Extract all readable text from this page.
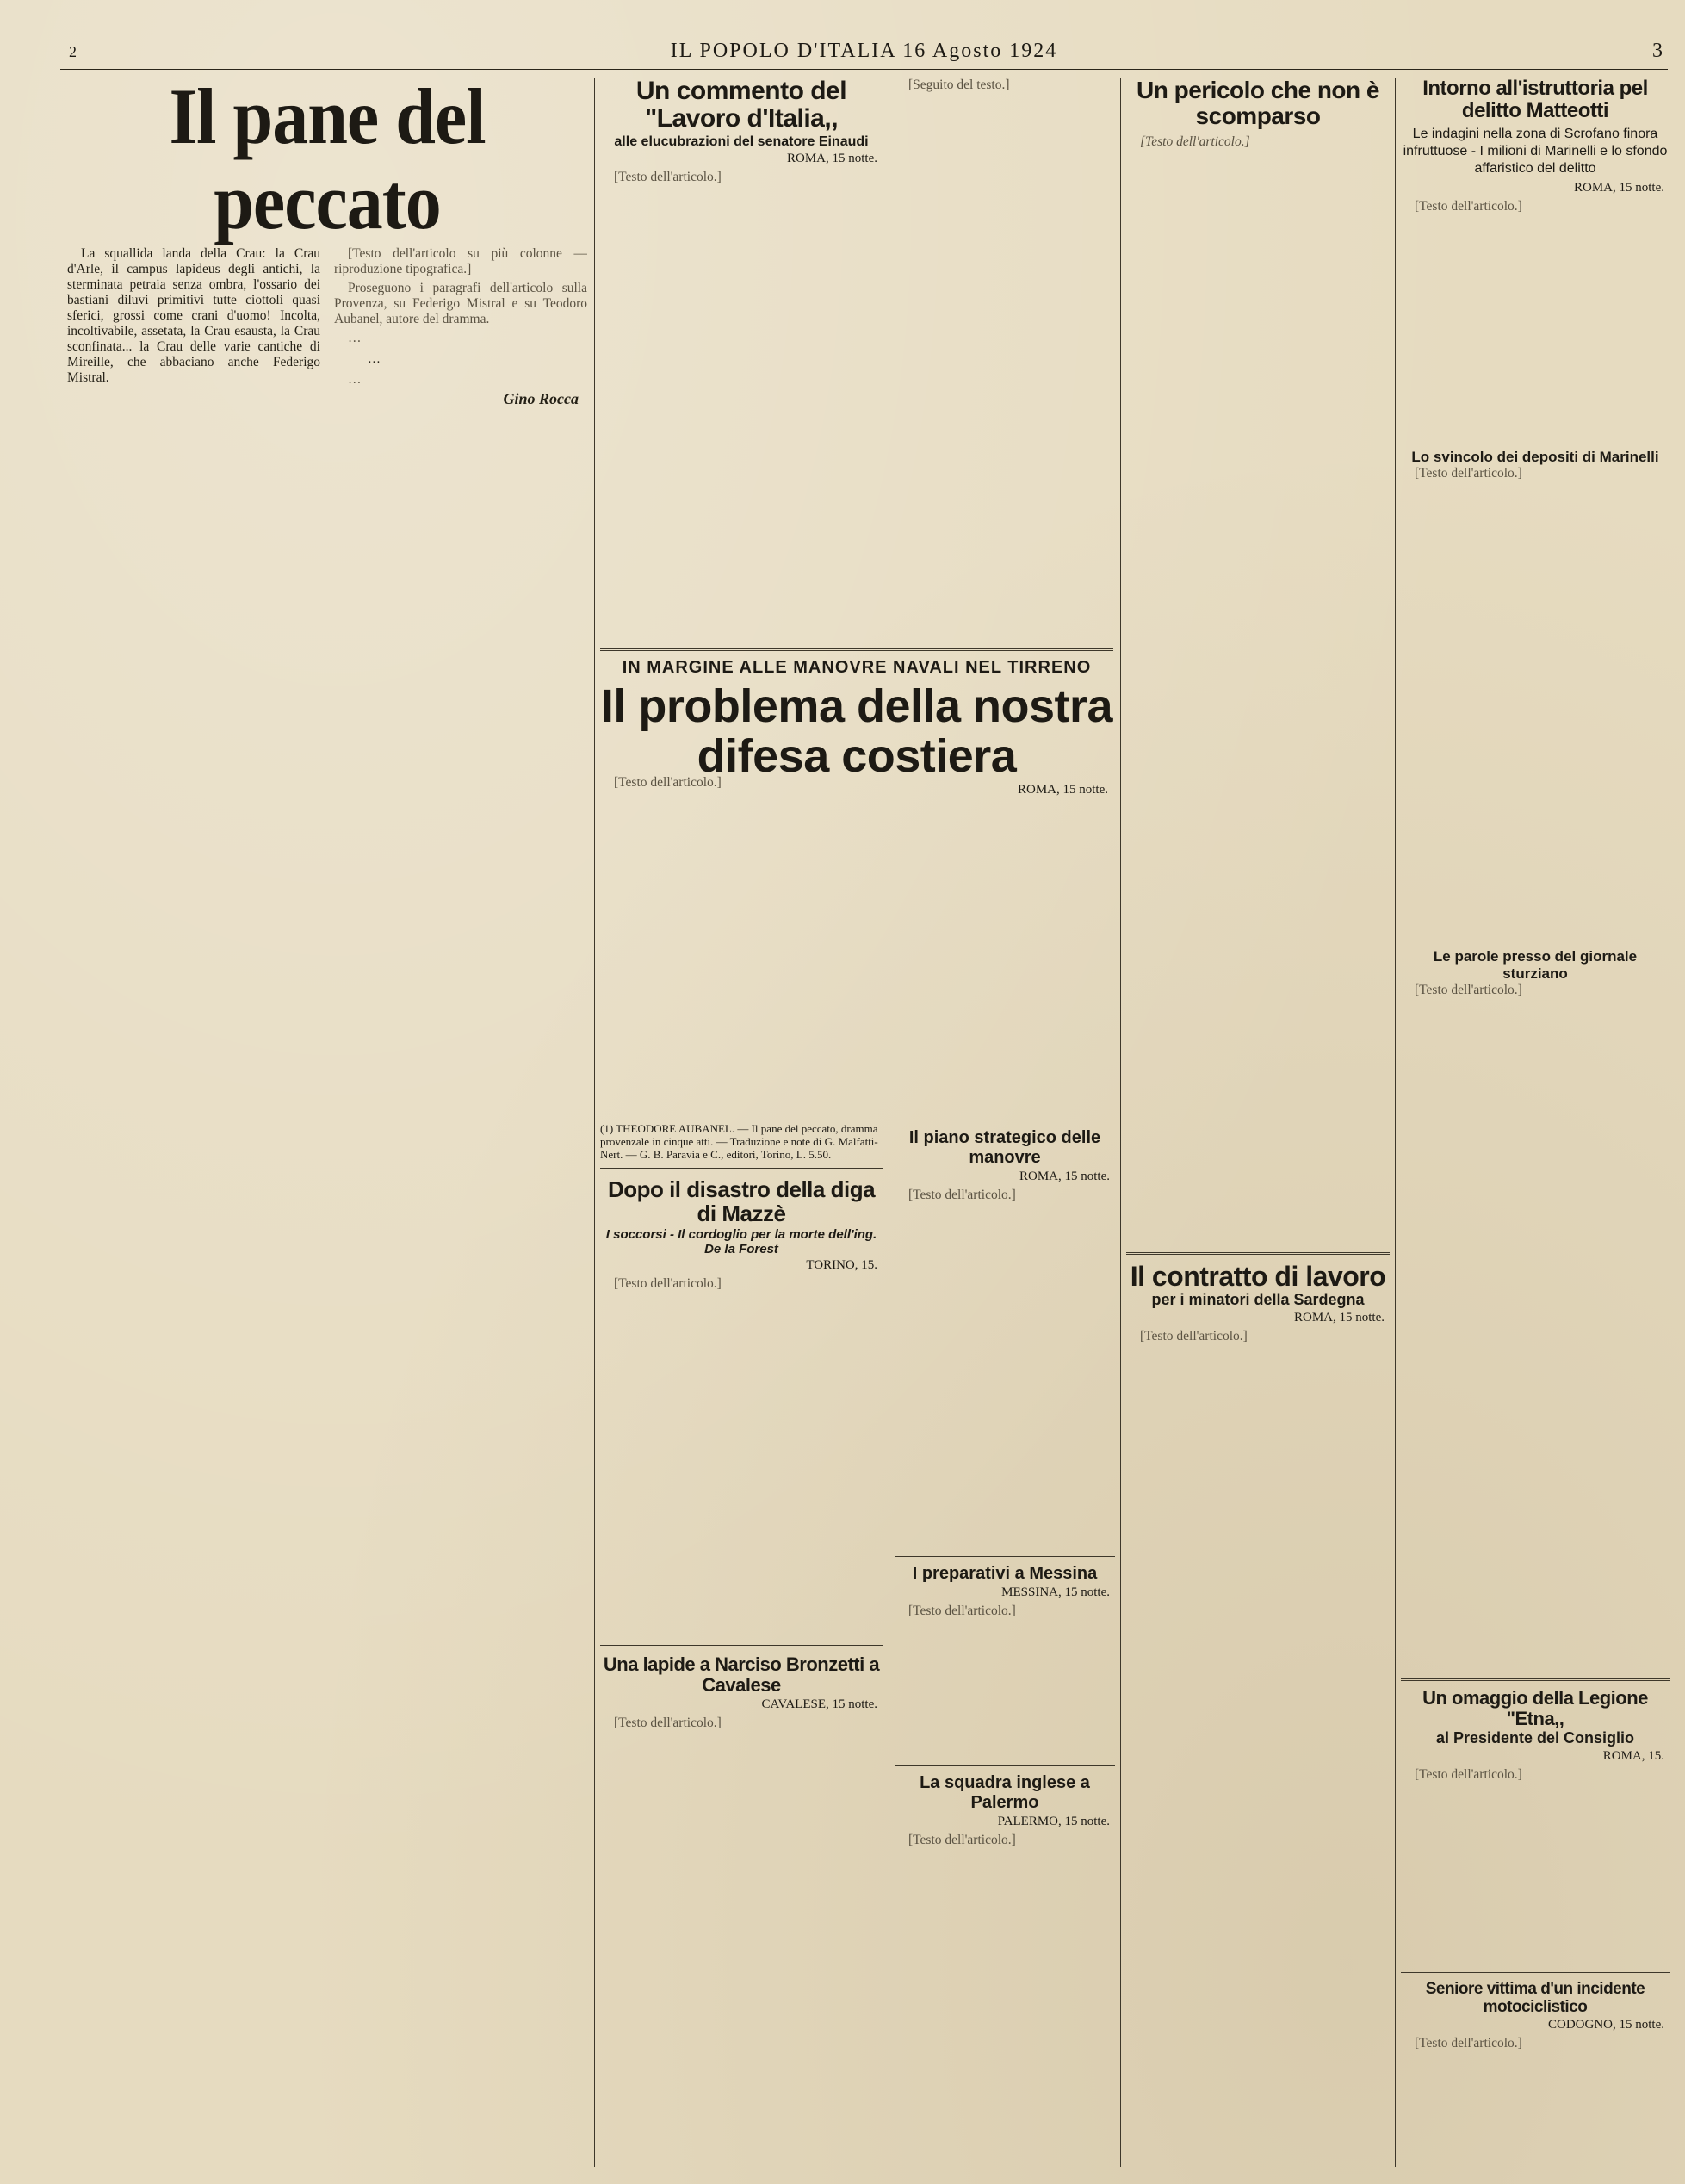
2	IL POPOLO D'ITALIA 16 Agosto 1924	3
Il pane del peccato

La squallida landa della Crau: la Crau d'Arle, il campus lapideus degli antichi, la sterminata petraia senza ombra, l'ossario dei bastiani diluvi primitivi tutte ciottoli quasi sferici, grossi come crani d'uomo! Incolta, incoltivabile, assetata, la Crau esausta, la Crau sconfinata... la Crau delle varie cantiche di Mireille, che abbaciano anche Federigo Mistral.

[Testo dell'articolo su più colonne — riproduzione tipografica.]

Proseguono i paragrafi dell'articolo sulla Provenza, su Federigo Mistral e su Teodoro Aubanel, autore del dramma.

…

…

…

Gino Rocca
Un commento del "Lavoro d'Italia,,
alle elucubrazioni del senatore Einaudi
ROMA, 15 notte.

[Testo dell'articolo.]

(1) THEODORE AUBANEL. — Il pane del peccato, dramma provenzale in cinque atti. — Traduzione e note di G. Malfatti-Nert. — G. B. Paravia e C., editori, Torino, L. 5.50.
Dopo il disastro della diga di Mazzè
I soccorsi - Il cordoglio per la morte dell'ing. De la Forest
TORINO, 15.

[Testo dell'articolo.]

Una lapide a Narciso Bronzetti a Cavalese
CAVALESE, 15 notte.

[Testo dell'articolo.]

[Seguito del testo.]

IN MARGINE ALLE MANOVRE NAVALI NEL TIRRENO
Il problema della nostra difesa costiera
ROMA, 15 notte.

[Testo dell'articolo.]

Il piano strategico delle manovre
ROMA, 15 notte.

[Testo dell'articolo.]

I preparativi a Messina
MESSINA, 15 notte.

[Testo dell'articolo.]

La squadra inglese a Palermo
PALERMO, 15 notte.

[Testo dell'articolo.]

Un pericolo che non è scomparso

[Testo dell'articolo.]

Il contratto di lavoro
per i minatori della Sardegna
ROMA, 15 notte.

[Testo dell'articolo.]

Intorno all'istruttoria pel delitto Matteotti
Le indagini nella zona di Scrofano finora infruttuose - I milioni di Marinelli e lo sfondo affaristico del delitto
ROMA, 15 notte.

[Testo dell'articolo.]

Lo svincolo dei depositi di Marinelli

[Testo dell'articolo.]

Le parole presso del giornale sturziano

[Testo dell'articolo.]

Un omaggio della Legione "Etna,,
al Presidente del Consiglio
ROMA, 15.

[Testo dell'articolo.]

Seniore vittima d'un incidente motociclistico
CODOGNO, 15 notte.

[Testo dell'articolo.]
